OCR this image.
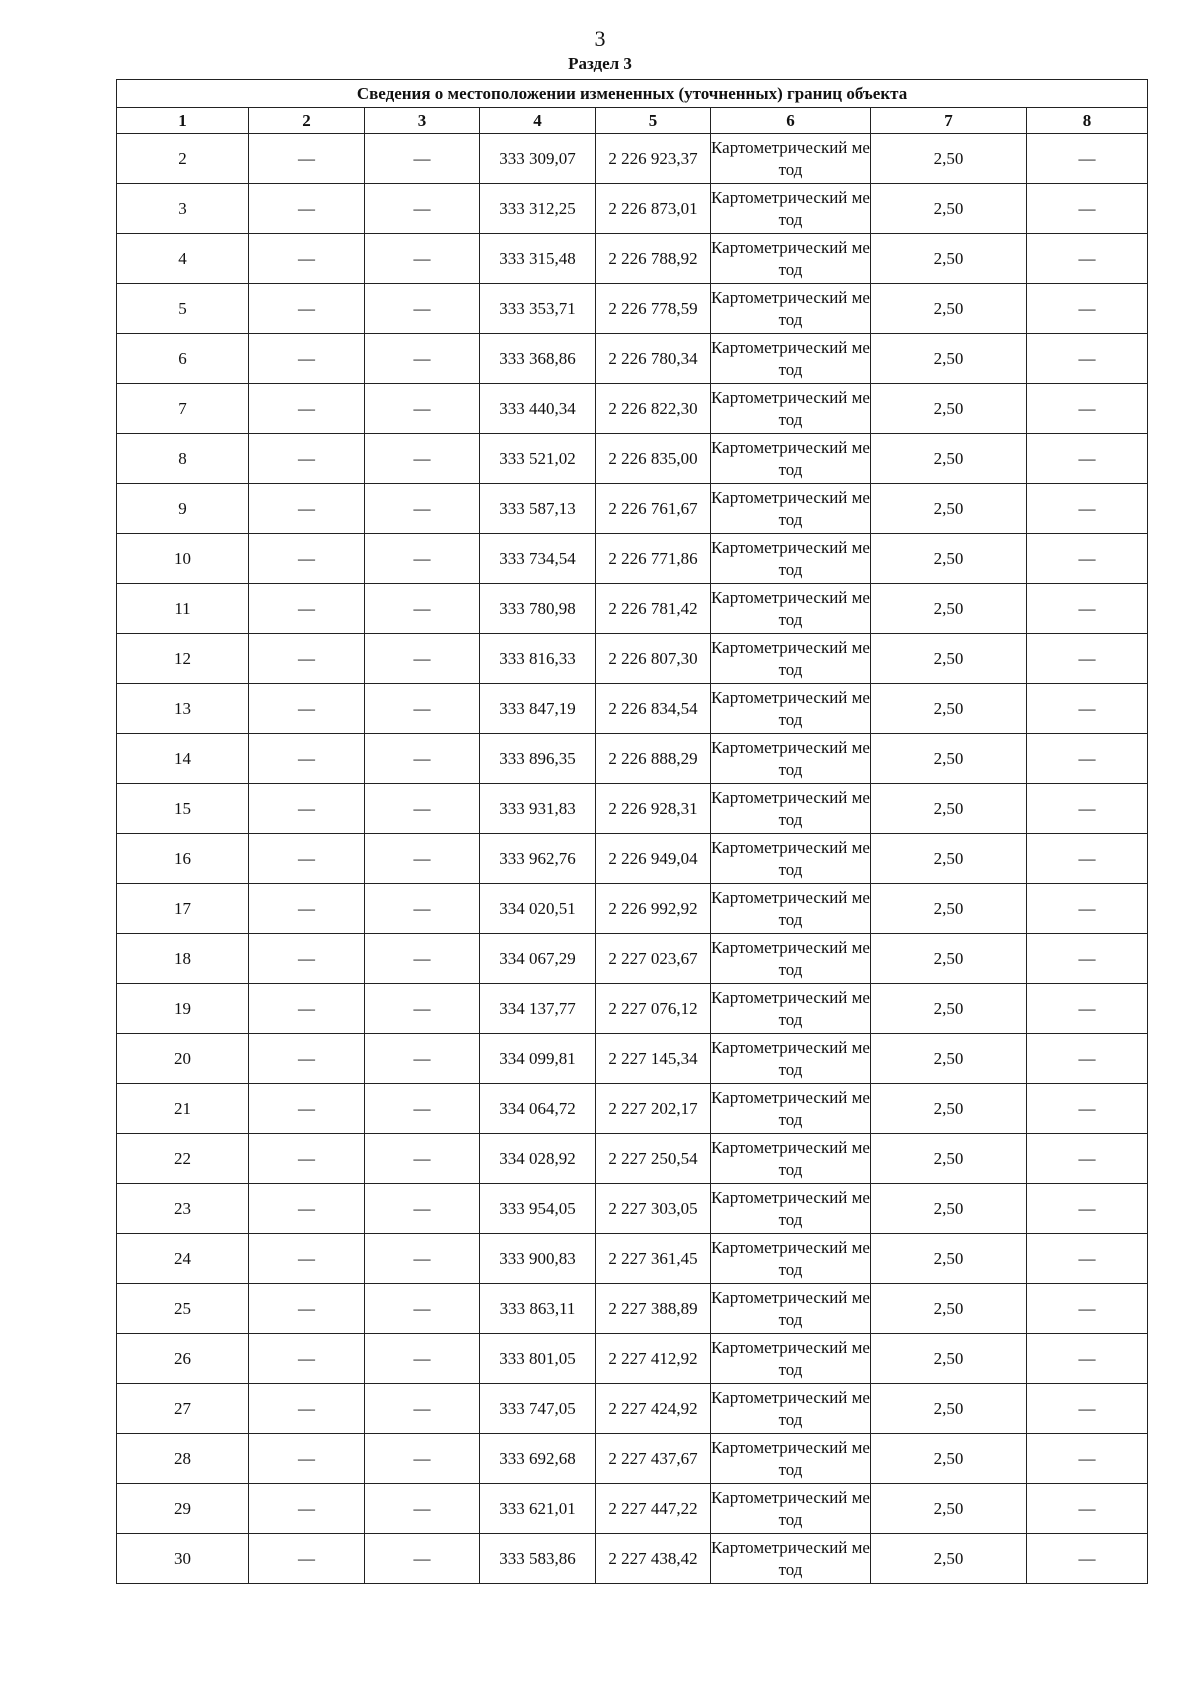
3
Раздел 3
Сведения о местоположении измененных (уточненных) границ объекта							
1	2	3	4	5	6	7	8
2	—	—	333 309,07	2 226 923,37	Картометрический метод	2,50	—
3	—	—	333 312,25	2 226 873,01	Картометрический метод	2,50	—
4	—	—	333 315,48	2 226 788,92	Картометрический метод	2,50	—
5	—	—	333 353,71	2 226 778,59	Картометрический метод	2,50	—
6	—	—	333 368,86	2 226 780,34	Картометрический метод	2,50	—
7	—	—	333 440,34	2 226 822,30	Картометрический метод	2,50	—
8	—	—	333 521,02	2 226 835,00	Картометрический метод	2,50	—
9	—	—	333 587,13	2 226 761,67	Картометрический метод	2,50	—
10	—	—	333 734,54	2 226 771,86	Картометрический метод	2,50	—
11	—	—	333 780,98	2 226 781,42	Картометрический метод	2,50	—
12	—	—	333 816,33	2 226 807,30	Картометрический метод	2,50	—
13	—	—	333 847,19	2 226 834,54	Картометрический метод	2,50	—
14	—	—	333 896,35	2 226 888,29	Картометрический метод	2,50	—
15	—	—	333 931,83	2 226 928,31	Картометрический метод	2,50	—
16	—	—	333 962,76	2 226 949,04	Картометрический метод	2,50	—
17	—	—	334 020,51	2 226 992,92	Картометрический метод	2,50	—
18	—	—	334 067,29	2 227 023,67	Картометрический метод	2,50	—
19	—	—	334 137,77	2 227 076,12	Картометрический метод	2,50	—
20	—	—	334 099,81	2 227 145,34	Картометрический метод	2,50	—
21	—	—	334 064,72	2 227 202,17	Картометрический метод	2,50	—
22	—	—	334 028,92	2 227 250,54	Картометрический метод	2,50	—
23	—	—	333 954,05	2 227 303,05	Картометрический метод	2,50	—
24	—	—	333 900,83	2 227 361,45	Картометрический метод	2,50	—
25	—	—	333 863,11	2 227 388,89	Картометрический метод	2,50	—
26	—	—	333 801,05	2 227 412,92	Картометрический метод	2,50	—
27	—	—	333 747,05	2 227 424,92	Картометрический метод	2,50	—
28	—	—	333 692,68	2 227 437,67	Картометрический метод	2,50	—
29	—	—	333 621,01	2 227 447,22	Картометрический метод	2,50	—
30	—	—	333 583,86	2 227 438,42	Картометрический метод	2,50	—
